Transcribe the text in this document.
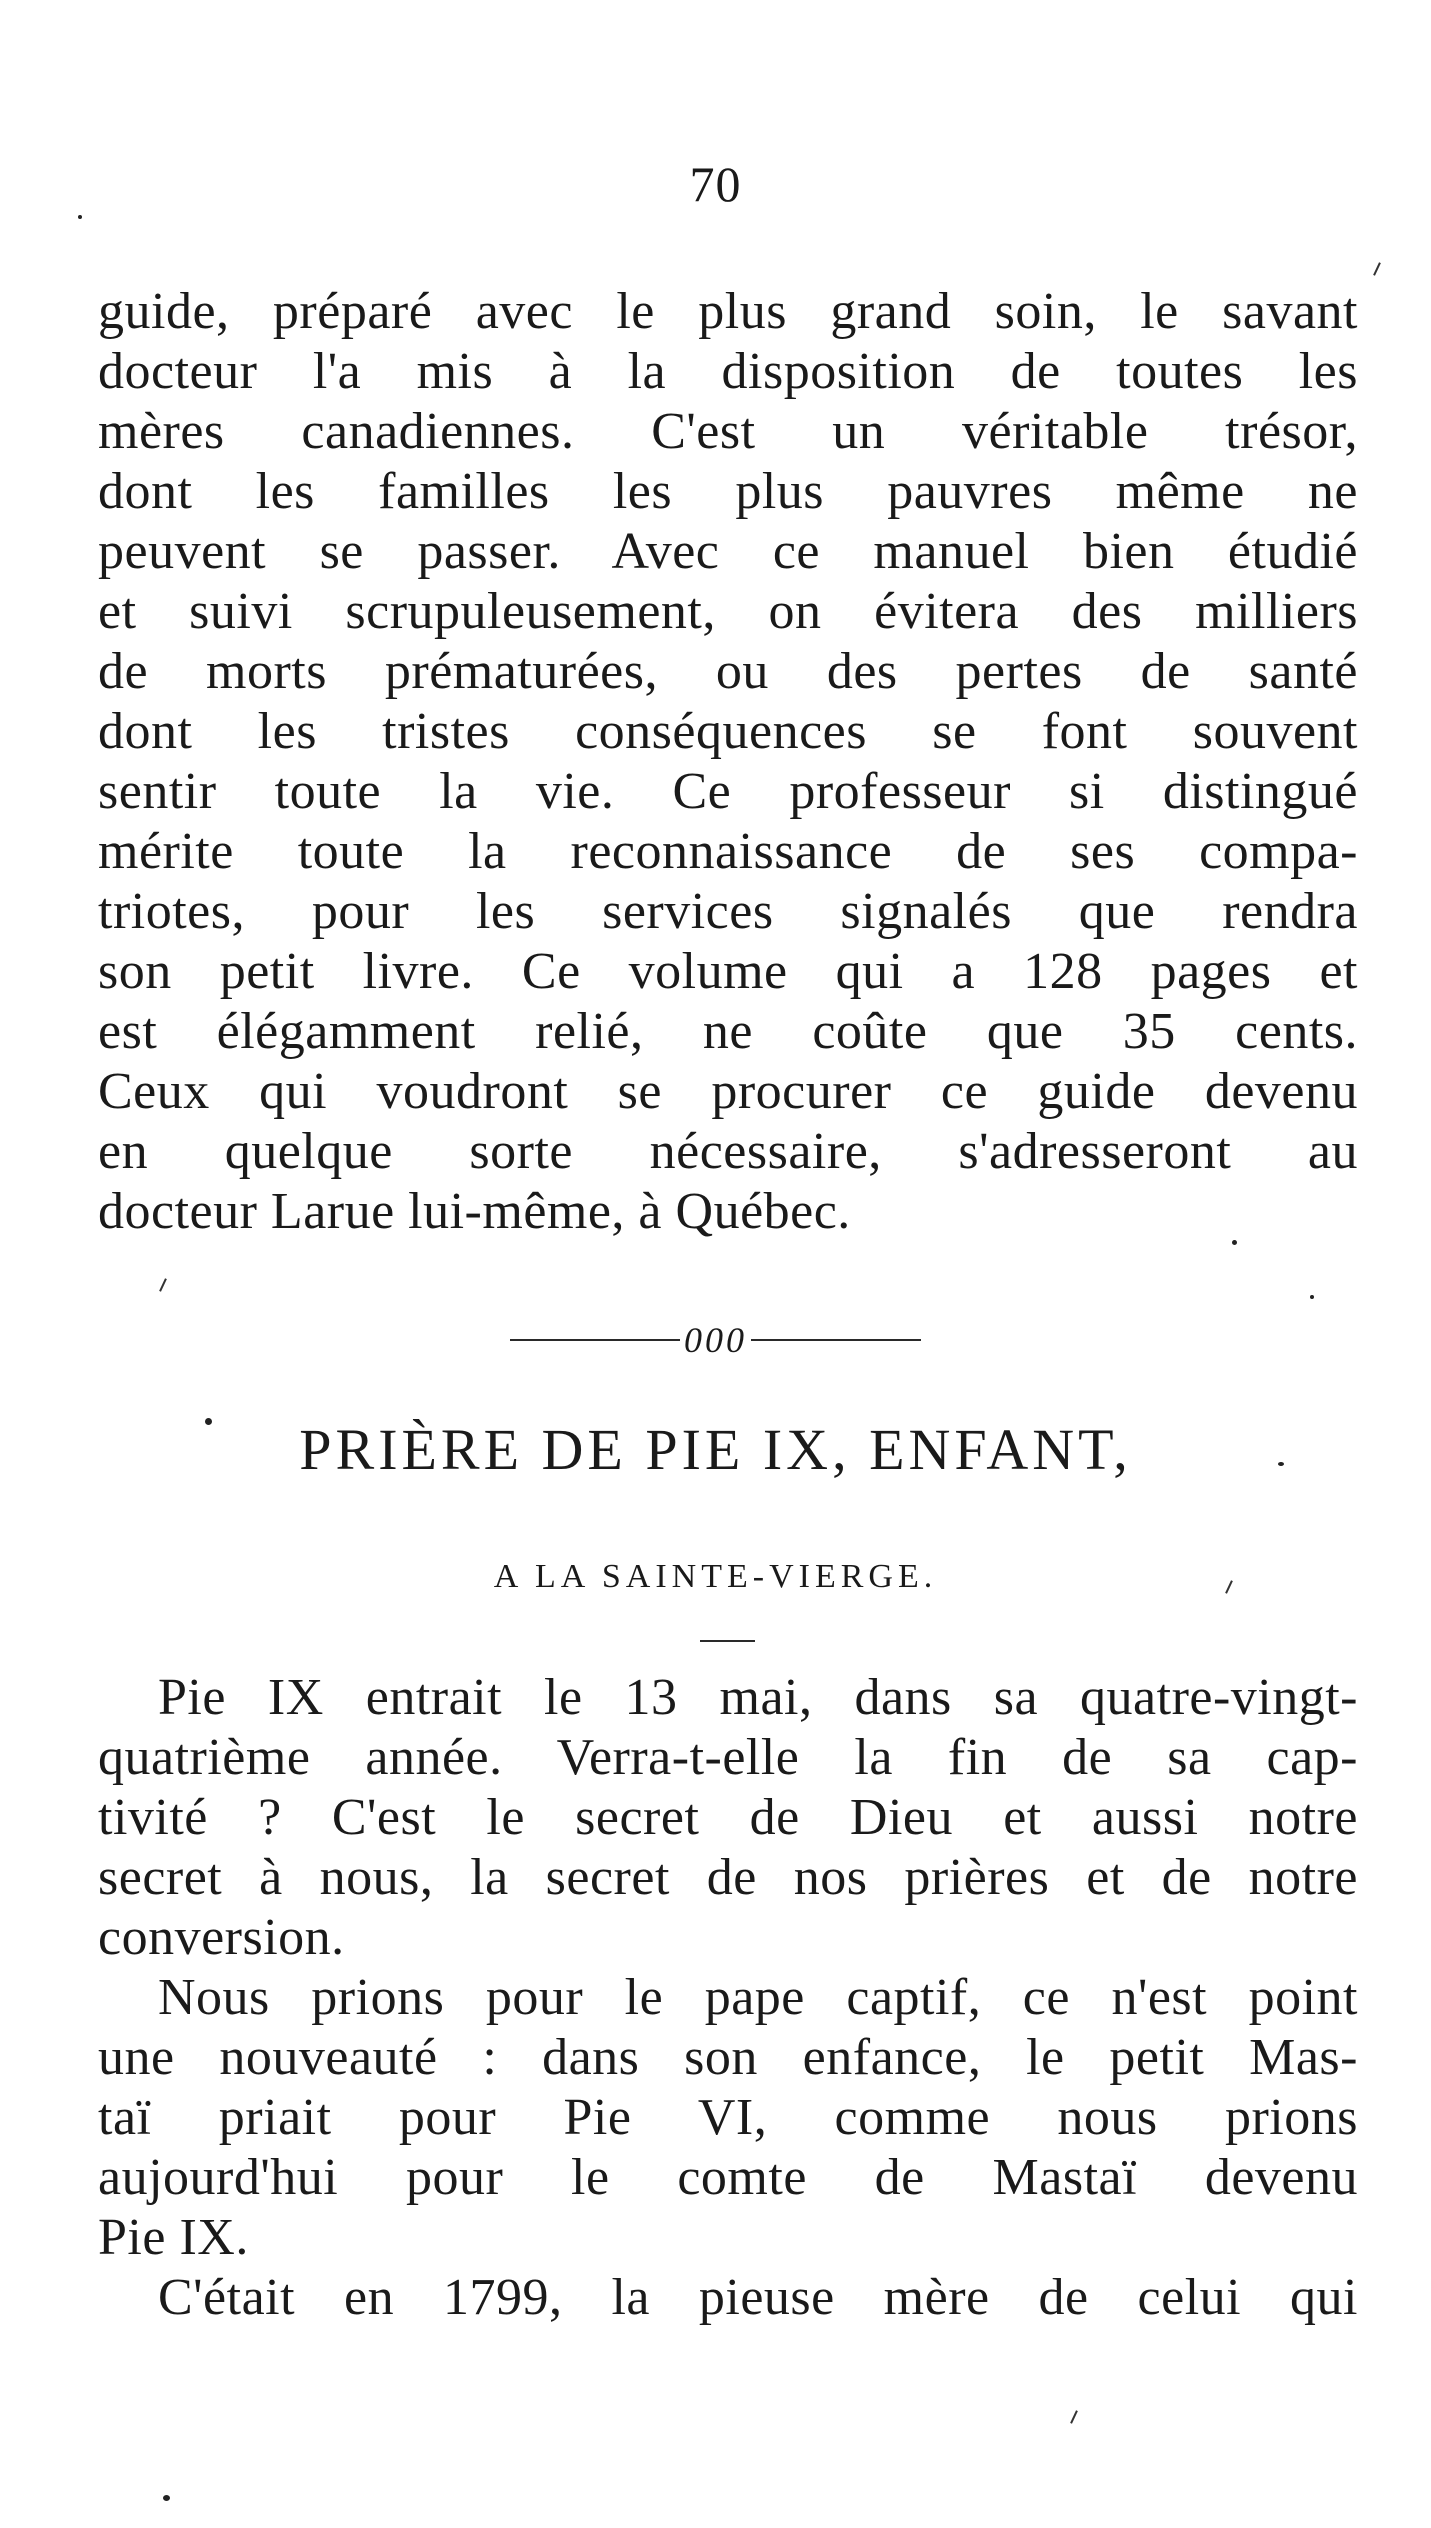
70
guide, préparé avec le plus grand soin, le savant
docteur l'a mis à la disposition de toutes les
mères canadiennes. C'est un véritable trésor,
dont les familles les plus pauvres même ne
peuvent se passer. Avec ce manuel bien étudié
et suivi scrupuleusement, on évitera des milliers
de morts prématurées, ou des pertes de santé
dont les tristes conséquences se font souvent
sentir toute la vie. Ce professeur si distingué
mérite toute la reconnaissance de ses compa-
triotes, pour les services signalés que rendra
son petit livre. Ce volume qui a 128 pages et
est élégamment relié, ne coûte que 35 cents.
Ceux qui voudront se procurer ce guide devenu
en quelque sorte nécessaire, s'adresseront au
docteur Larue lui-même, à Québec.
000
PRIÈRE DE PIE IX, ENFANT,
A LA SAINTE-VIERGE.
Pie IX entrait le 13 mai, dans sa quatre-vingt-
quatrième année. Verra-t-elle la fin de sa cap-
tivité ? C'est le secret de Dieu et aussi notre
secret à nous, la secret de nos prières et de notre
conversion.
Nous prions pour le pape captif, ce n'est point
une nouveauté : dans son enfance, le petit Mas-
taï priait pour Pie VI, comme nous prions
aujourd'hui pour le comte de Mastaï devenu
Pie IX.
C'était en 1799, la pieuse mère de celui qui
